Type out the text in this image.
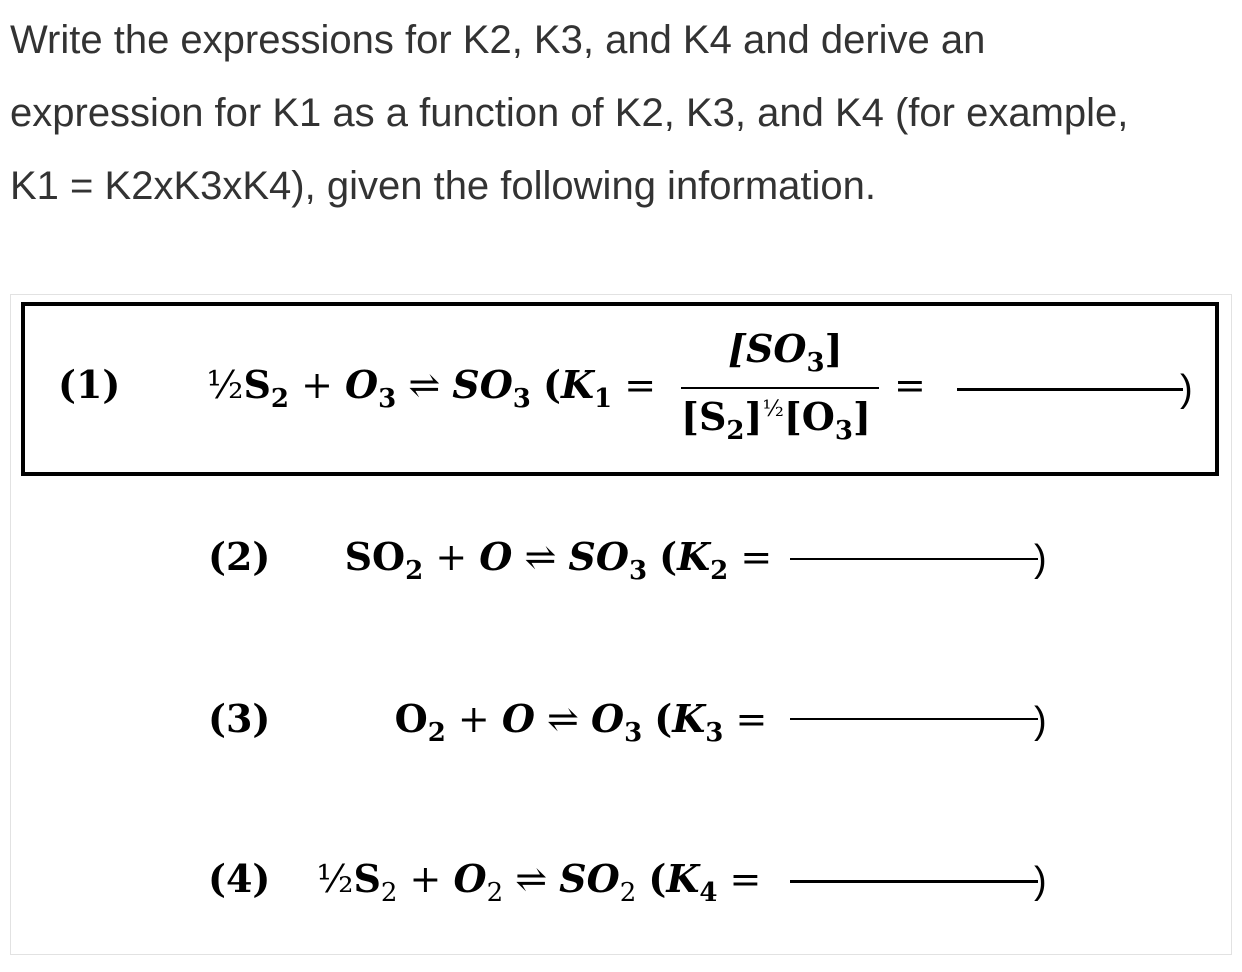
Write the expressions for K2, K3, and K4 and derive an
expression for K1 as a function of K2, K3, and K4 (for example,
K1 = K2xK3xK4), given the following information.

(1) $\frac{1}{2}S_2 + O_3$ ⇌ $SO_3$ ($K_1$ =
$[SO_3]$
$[S_2]^{\frac{1}{2}}[O_3]$
=	)
(2) $SO_2 + O$ ⇌ $SO_3$ ($K_2$ =	)
(3)	$O_2 + O$ ⇌ $O_3$ ($K_3$ =	)
(4) $\frac{1}{2}S_2 + O_2$ ⇌ $SO_2$ ($K_4$ =	)
